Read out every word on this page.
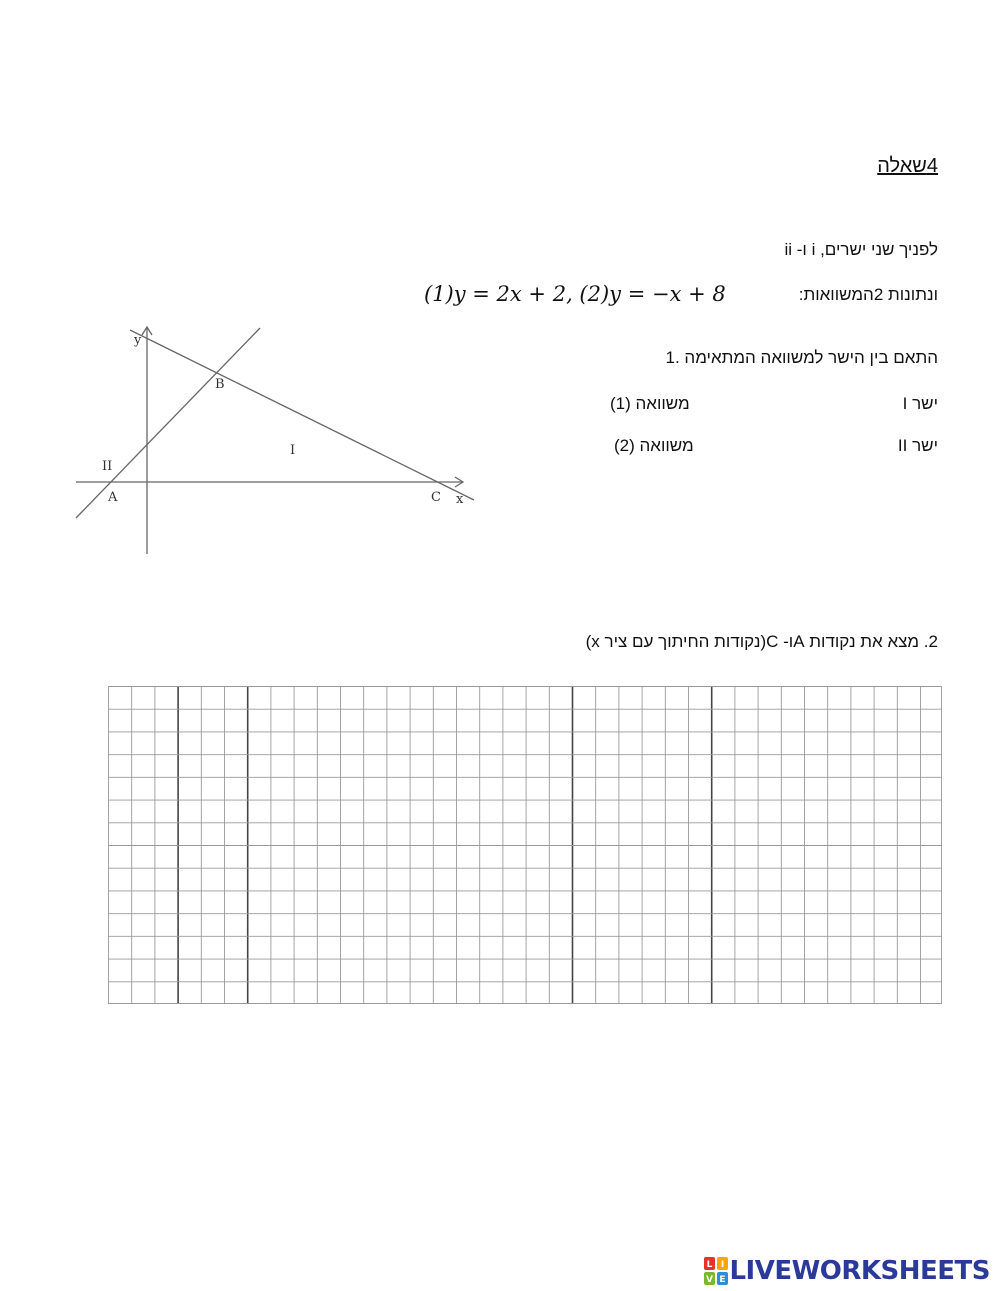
4שאלה
לפניך שני ישרים, i ו- ii
(1)𝑦 = 2𝑥 + 2, (2)𝑦 = −𝑥 + 8	ונתונות 2המשוואות:
התאם בין הישר למשוואה המתאימה .1
ישר I
משוואה (1)
ישר II
משוואה (2)
y
B
I
II
A	C x
2. מצא את נקודות Aו- C(נקודות החיתוך עם ציר x)
L I
V E LIVEWORKSHEETS
